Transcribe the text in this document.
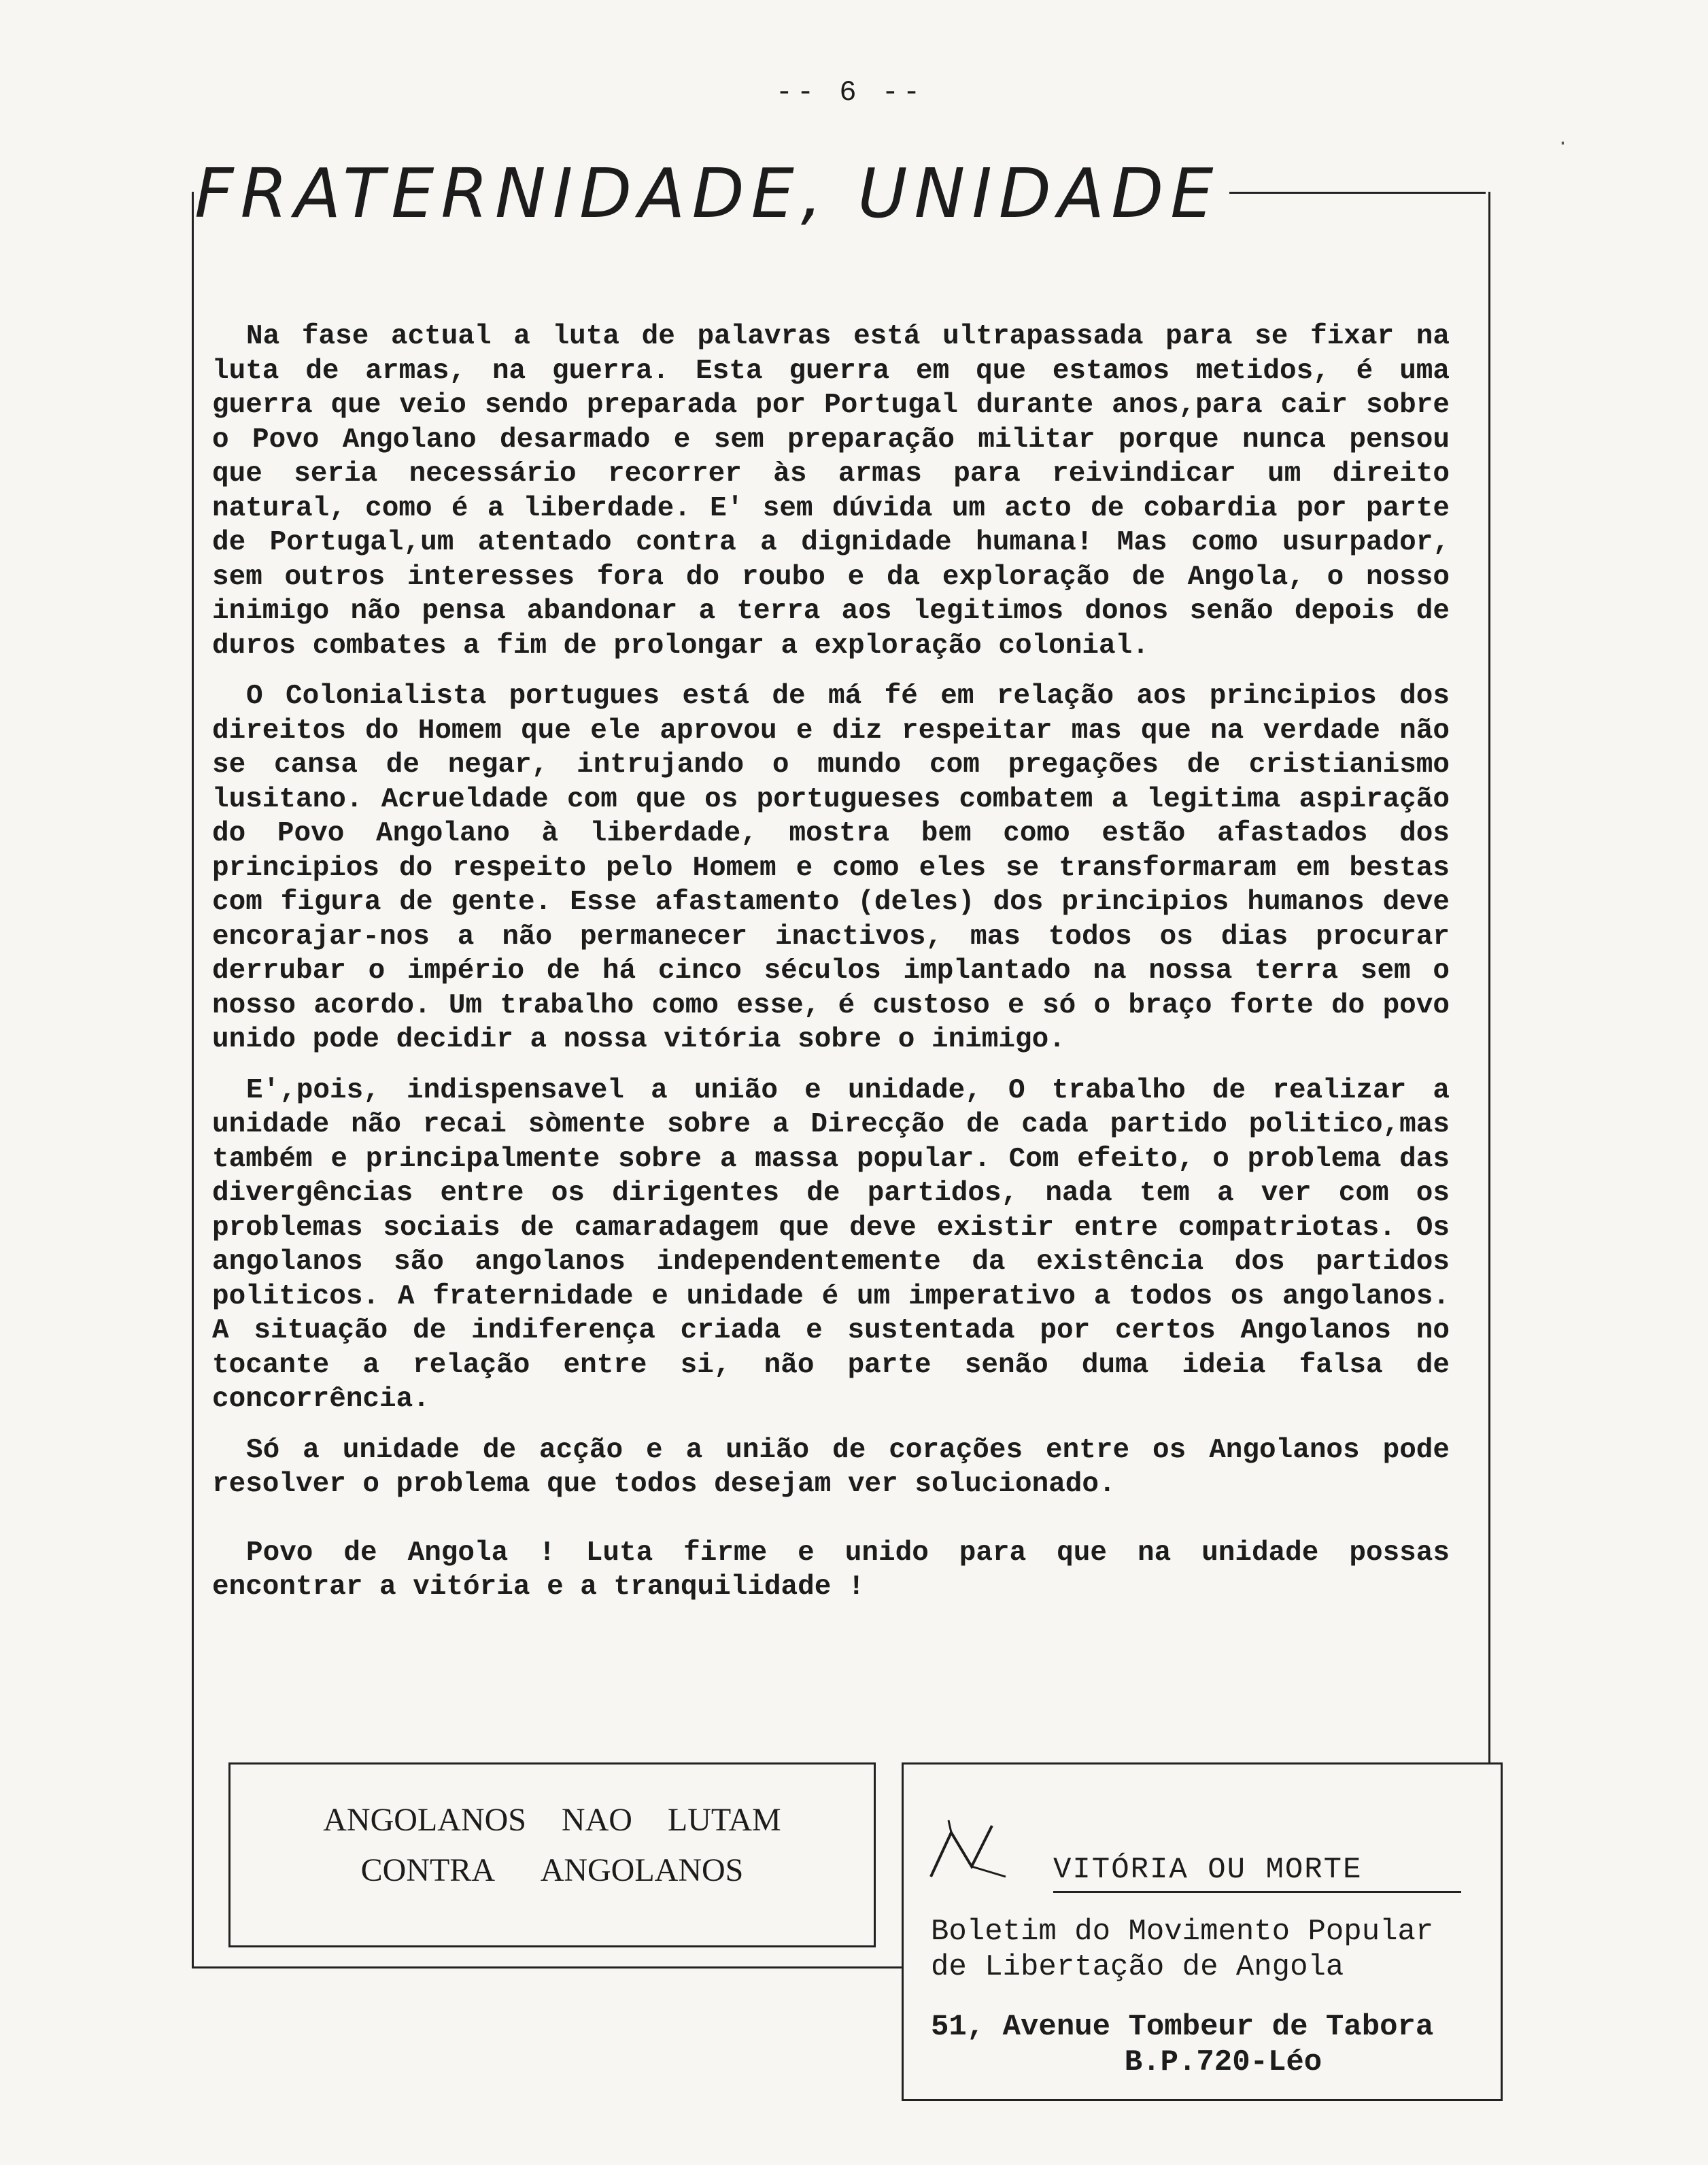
-- 6 --
·
FRATERNIDADE, UNIDADE

Na fase actual a luta de palavras está ultrapassada para se fixar na luta de armas, na guerra. Esta guerra em que estamos metidos, é uma guerra que veio sendo preparada por Portugal durante anos,para cair sobre o Povo Angolano desarmado e sem preparação militar porque nunca pensou que seria necessário recorrer às armas para reivindicar um direito natural, como é a liberdade. E' sem dúvida um acto de cobardia por parte de Portugal,um atentado contra a dignidade humana! Mas como usurpador, sem outros interesses fora do roubo e da exploração de Angola, o nosso inimigo não pensa abandonar a terra aos legitimos donos senão depois de duros combates a fim de prolongar a exploração colonial.

O Colonialista portugues está de má fé em relação aos principios dos direitos do Homem que ele aprovou e diz respeitar mas que na verdade não se cansa de negar, intrujando o mundo com pregações de cristianismo lusitano. Acrueldade com que os portugueses combatem a legitima aspiração do Povo Angolano à liberdade, mostra bem como estão afastados dos principios do respeito pelo Homem e como eles se transformaram em bestas com figura de gente. Esse afastamento (deles) dos principios humanos deve encorajar-nos a não permanecer inactivos, mas todos os dias procurar derrubar o império de há cinco séculos implantado na nossa terra sem o nosso acordo. Um trabalho como esse, é custoso e só o braço forte do povo unido pode decidir a nossa vitória sobre o inimigo.

E',pois, indispensavel a união e unidade, O trabalho de realizar a unidade não recai sòmente sobre a Direcção de cada partido politico,mas também e principalmente sobre a massa popular. Com efeito, o problema das divergências entre os dirigentes de partidos, nada tem a ver com os problemas sociais de camaradagem que deve existir entre compatriotas. Os angolanos são angolanos independentemente da existência dos partidos politicos. A fraternidade e unidade é um imperativo a todos os angolanos. A situação de indiferença criada e sustentada por certos Angolanos no tocante a relação entre si, não parte senão duma ideia falsa de concorrência.

Só a unidade de acção e a união de corações entre os Angolanos pode resolver o problema que todos desejam ver solucionado.

Povo de Angola ! Luta firme e unido para que na unidade possas encontrar a vitória e a tranquilidade !

ANGOLANOS NAO LUTAM
CONTRA ANGOLANOS	VITÓRIA OU MORTE
Boletim do Movimento Popular
de Libertação de Angola
51, Avenue Tombeur de Tabora
B.P.720-Léo
